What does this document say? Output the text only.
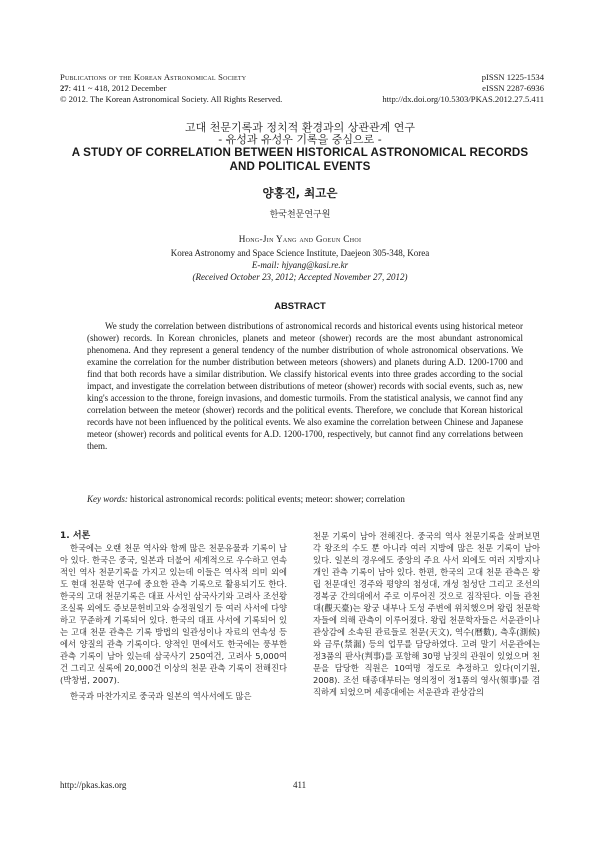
Publications of the Korean Astronomical Society	pISSN 1225-1534
27: 411 ~ 418, 2012 December	eISSN 2287-6936
© 2012. The Korean Astronomical Society. All Rights Reserved.	http://dx.doi.org/10.5303/PKAS.2012.27.5.411
고대 천문기록과 정치적 환경과의 상관관계 연구
- 유성과 유성우 기록을 중심으로 -
A STUDY OF CORRELATION BETWEEN HISTORICAL ASTRONOMICAL RECORDS
AND POLITICAL EVENTS
양홍진, 최고은
한국천문연구원
Hong-Jin Yang and Goeun Choi
Korea Astronomy and Space Science Institute, Daejeon 305-348, Korea
E-mail: hjyang@kasi.re.kr
(Received October 23, 2012; Accepted November 27, 2012)
ABSTRACT

We study the correlation between distributions of astronomical records and historical events using historical meteor (shower) records. In Korean chronicles, planets and meteor (shower) records are the most abundant astronomical phenomena. And they represent a general tendency of the number distribution of whole astronomical observations. We examine the correlation for the number distribution between meteors (showers) and planets during A.D. 1200-1700 and find that both records have a similar distribution. We classify historical events into three grades according to the social impact, and investigate the correlation between distributions of meteor (shower) records with social events, such as, new king's accession to the throne, foreign invasions, and domestic turmoils. From the statistical analysis, we cannot find any correlation between the meteor (shower) records and the political events. Therefore, we conclude that Korean historical records have not been influenced by the political events. We also examine the correlation between Chinese and Japanese meteor (shower) records and political events for A.D. 1200-1700, respectively, but cannot find any correlations between them.

Key words: historical astronomical records: political events; meteor: shower; correlation

1. 서론

한국에는 오랜 천문 역사와 함께 많은 천문유물과 기록이 남아 있다. 한국은 중국, 일본과 더불어 세계적으로 우수하고 연속적인 역사 천문기록을 가지고 있는데 이들은 역사적 의미 외에도 현대 천문학 연구에 중요한 관측 기록으로 활용되기도 한다. 한국의 고대 천문기록은 대표 사서인 삼국사기와 고려사 조선왕조실록 외에도 증보문헌비고와 승정원일기 등 여러 사서에 다양하고 꾸준하게 기록되어 있다. 한국의 대표 사서에 기록되어 있는 고대 천문 관측은 기록 방법의 일관성이나 자료의 연속성 등에서 양질의 관측 기록이다. 양적인 면에서도 한국에는 풍부한 관측 기록이 남아 있는데 삼국사기 250여건, 고려사 5,000여건 그리고 실록에 20,000건 이상의 천문 관측 기록이 전해진다(박창범, 2007).

한국과 마찬가지로 중국과 일본의 역사서에도 많은

천문 기록이 남아 전해진다. 중국의 역사 천문기록을 살펴보면 각 왕조의 수도 뿐 아니라 여러 지방에 많은 천문 기록이 남아 있다. 일본의 경우에도 중앙의 주요 사서 외에도 여러 지방지나 개인 관측 기록이 남아 있다. 한편, 한국의 고대 천문 관측은 왕립 천문대인 경주와 평양의 첨성대, 개성 첨성단 그리고 조선의 경복궁 간의대에서 주로 이루어진 것으로 짐작된다. 이들 관천대(觀天臺)는 왕궁 내부나 도성 주변에 위치했으며 왕립 천문학자들에 의해 관측이 이루어졌다. 왕립 천문학자들은 서운관이나 관상감에 소속된 관료들로 천문(天文), 역수(曆數), 측후(測候)와 금루(禁漏) 등의 업무를 담당하였다. 고려 말기 서운관에는 정3품의 판사(判事)를 포함해 30명 남짓의 관원이 있었으며 천문을 담당한 직원은 10여명 정도로 추정하고 있다(이기원, 2008). 조선 태종대부터는 영의정이 정1품의 영사(領事)를 겸직하게 되었으며 세종대에는 서운관과 관상감의

http://pkas.kas.org	411
